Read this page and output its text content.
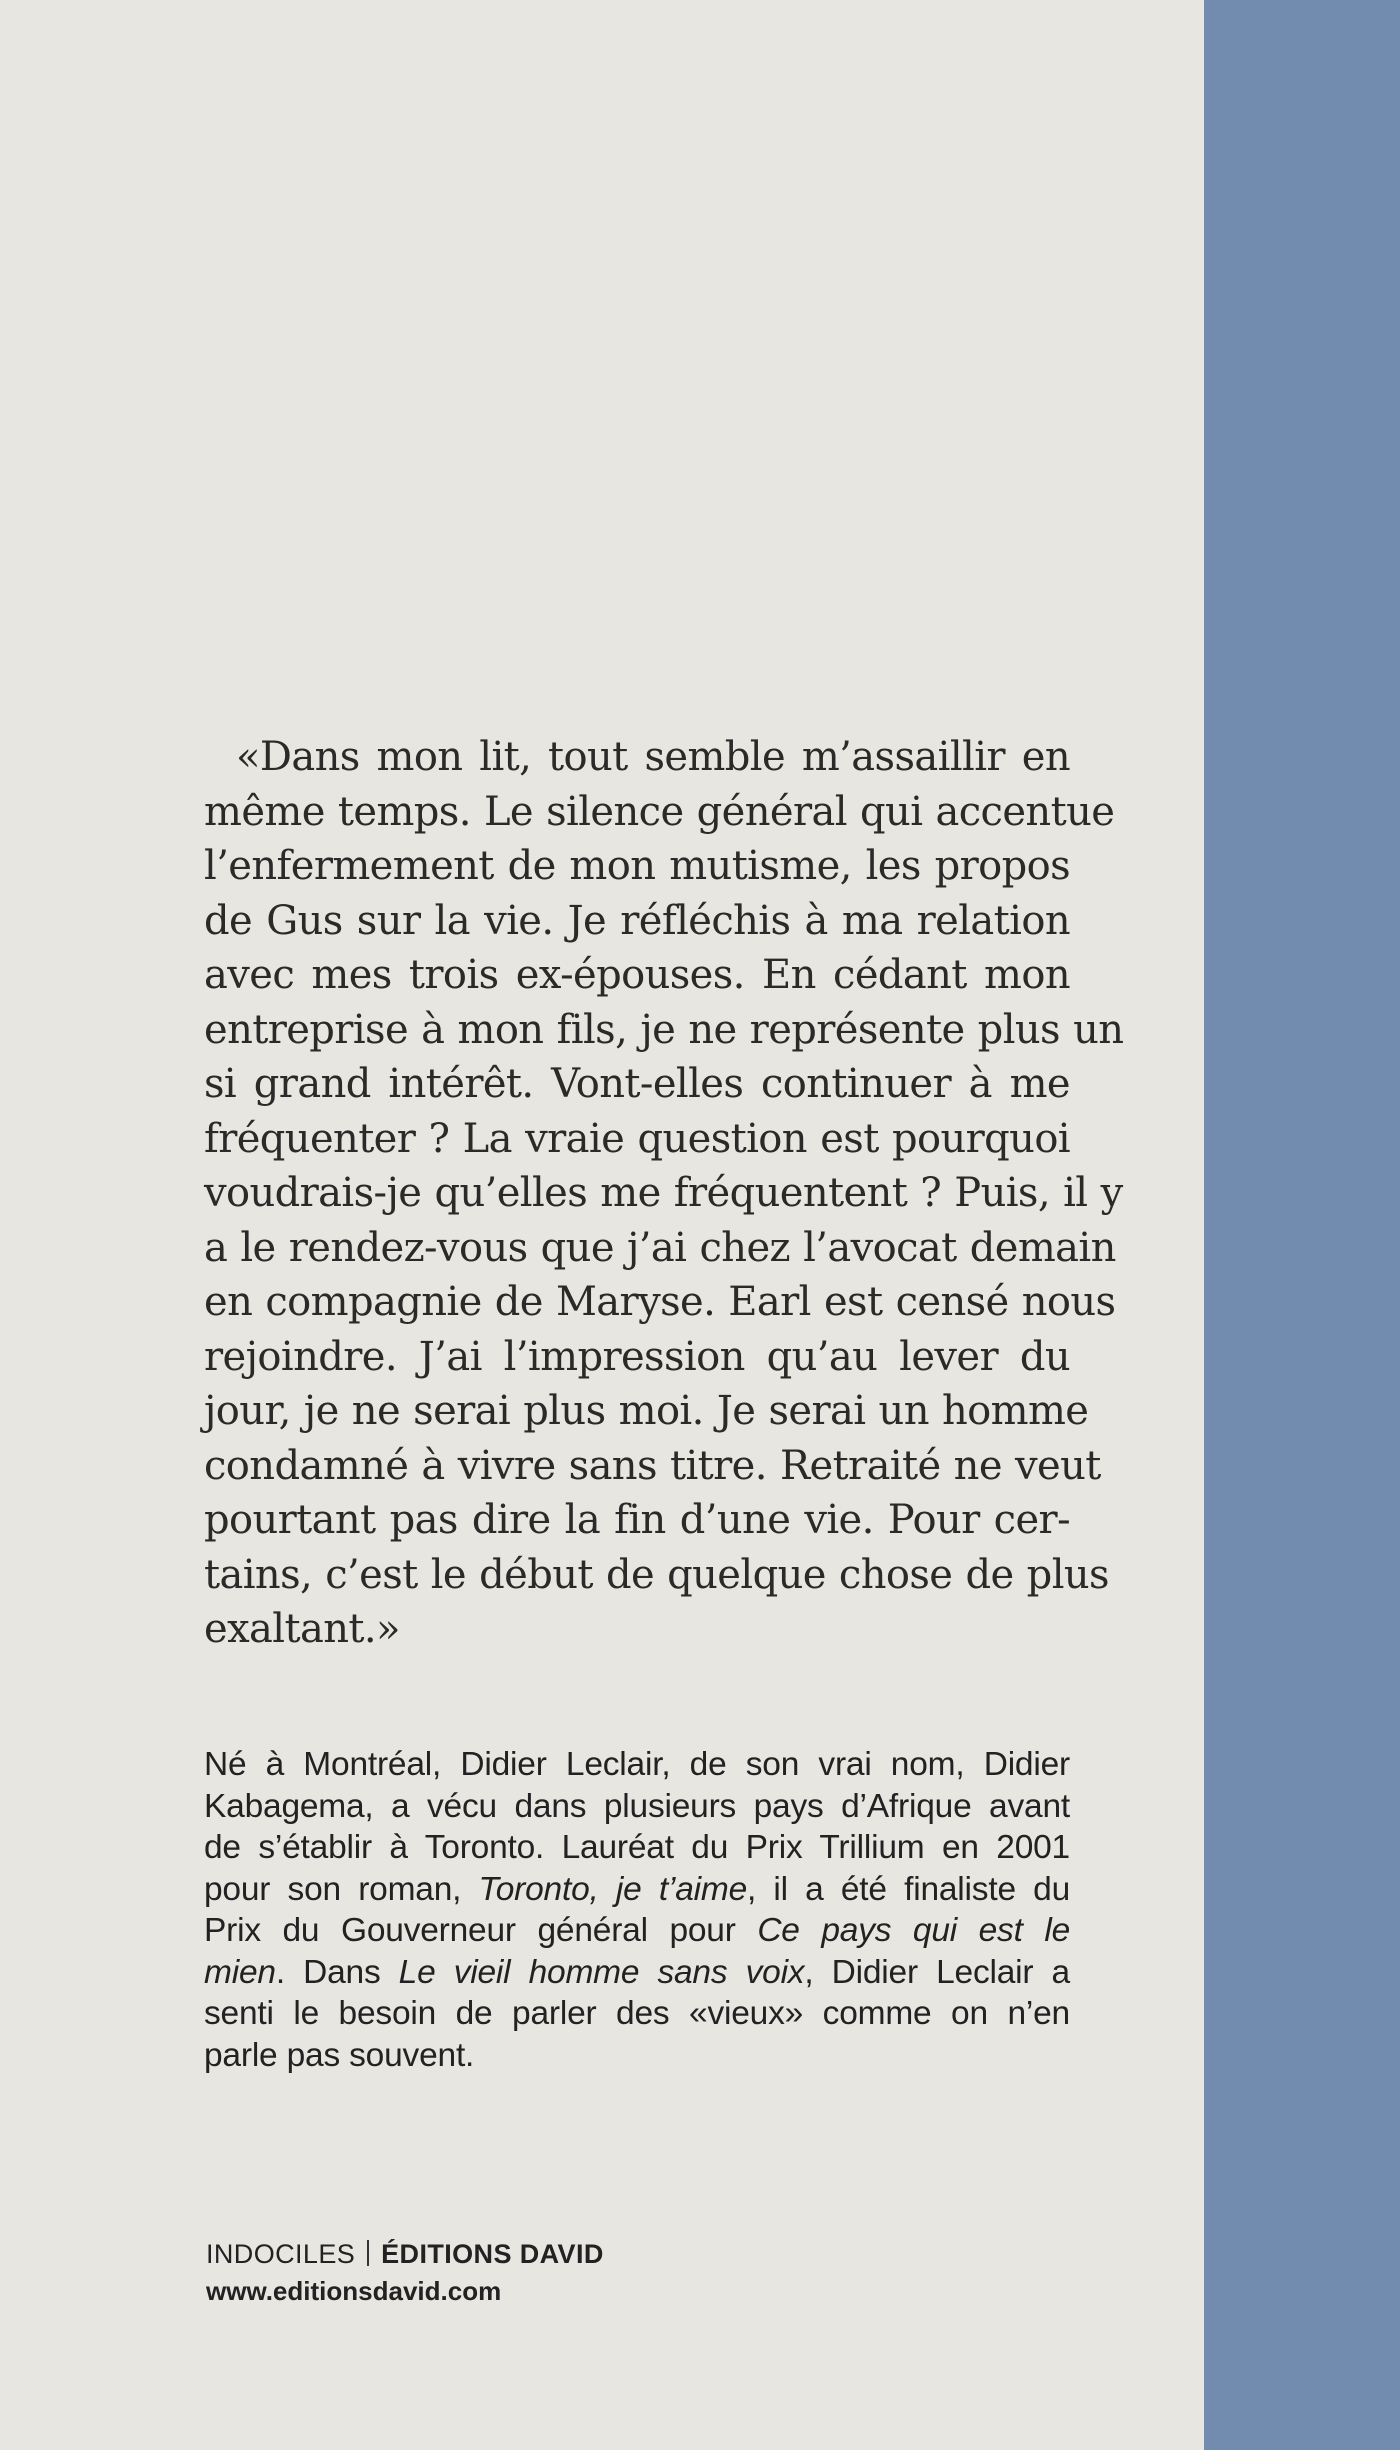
«Dans mon lit, tout semble m’assaillir en
même temps. Le silence général qui accentue
l’enfermement de mon mutisme, les propos
de Gus sur la vie. Je réfléchis à ma relation
avec mes trois ex-épouses. En cédant mon
entreprise à mon fils, je ne représente plus un
si grand intérêt. Vont-elles continuer à me
fréquenter ? La vraie question est pourquoi
voudrais-je qu’elles me fréquentent ? Puis, il y
a le rendez-vous que j’ai chez l’avocat demain
en compagnie de Maryse. Earl est censé nous
rejoindre. J’ai l’impression qu’au lever du
jour, je ne serai plus moi. Je serai un homme
condamné à vivre sans titre. Retraité ne veut
pourtant pas dire la fin d’une vie. Pour cer-
tains, c’est le début de quelque chose de plus
exaltant.»
Né à Montréal, Didier Leclair, de son vrai nom, Didier
Kabagema, a vécu dans plusieurs pays d’Afrique avant
de s’établir à Toronto. Lauréat du Prix Trillium en 2001
pour son roman, Toronto, je t’aime, il a été finaliste du
Prix du Gouverneur général pour Ce pays qui est le
mien. Dans Le vieil homme sans voix, Didier Leclair a
senti le besoin de parler des «vieux» comme on n’en
parle pas souvent.
INDOCILES ÉDITIONS DAVID
www.editionsdavid.com
